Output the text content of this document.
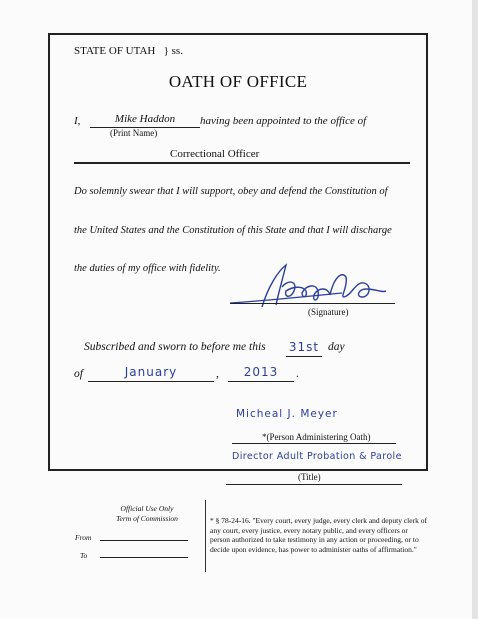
STATE OF UTAH } ss.
OATH OF OFFICE
I,	Mike Haddon
(Print Name)
having been appointed to the office of
Correctional Officer
Do solemnly swear that I will support, obey and defend the Constitution of
the United States and the Constitution of this State and that I will discharge
the duties of my office with fidelity.
(Signature)
Subscribed and sworn to before me this 31st day
of	January	,	2013	.
Micheal J. Meyer
*(Person Administering Oath)
Director Adult Probation & Parole
(Title)
Official Use Only
Term of Commission
From
To
* § 78-24-16. "Every court, every judge, every clerk and deputy clerk of any court, every justice, every notary public, and every officers or person authorized to take testimony in any action or proceeding, or to decide upon evidence, has power to administer oaths of affirmation."
